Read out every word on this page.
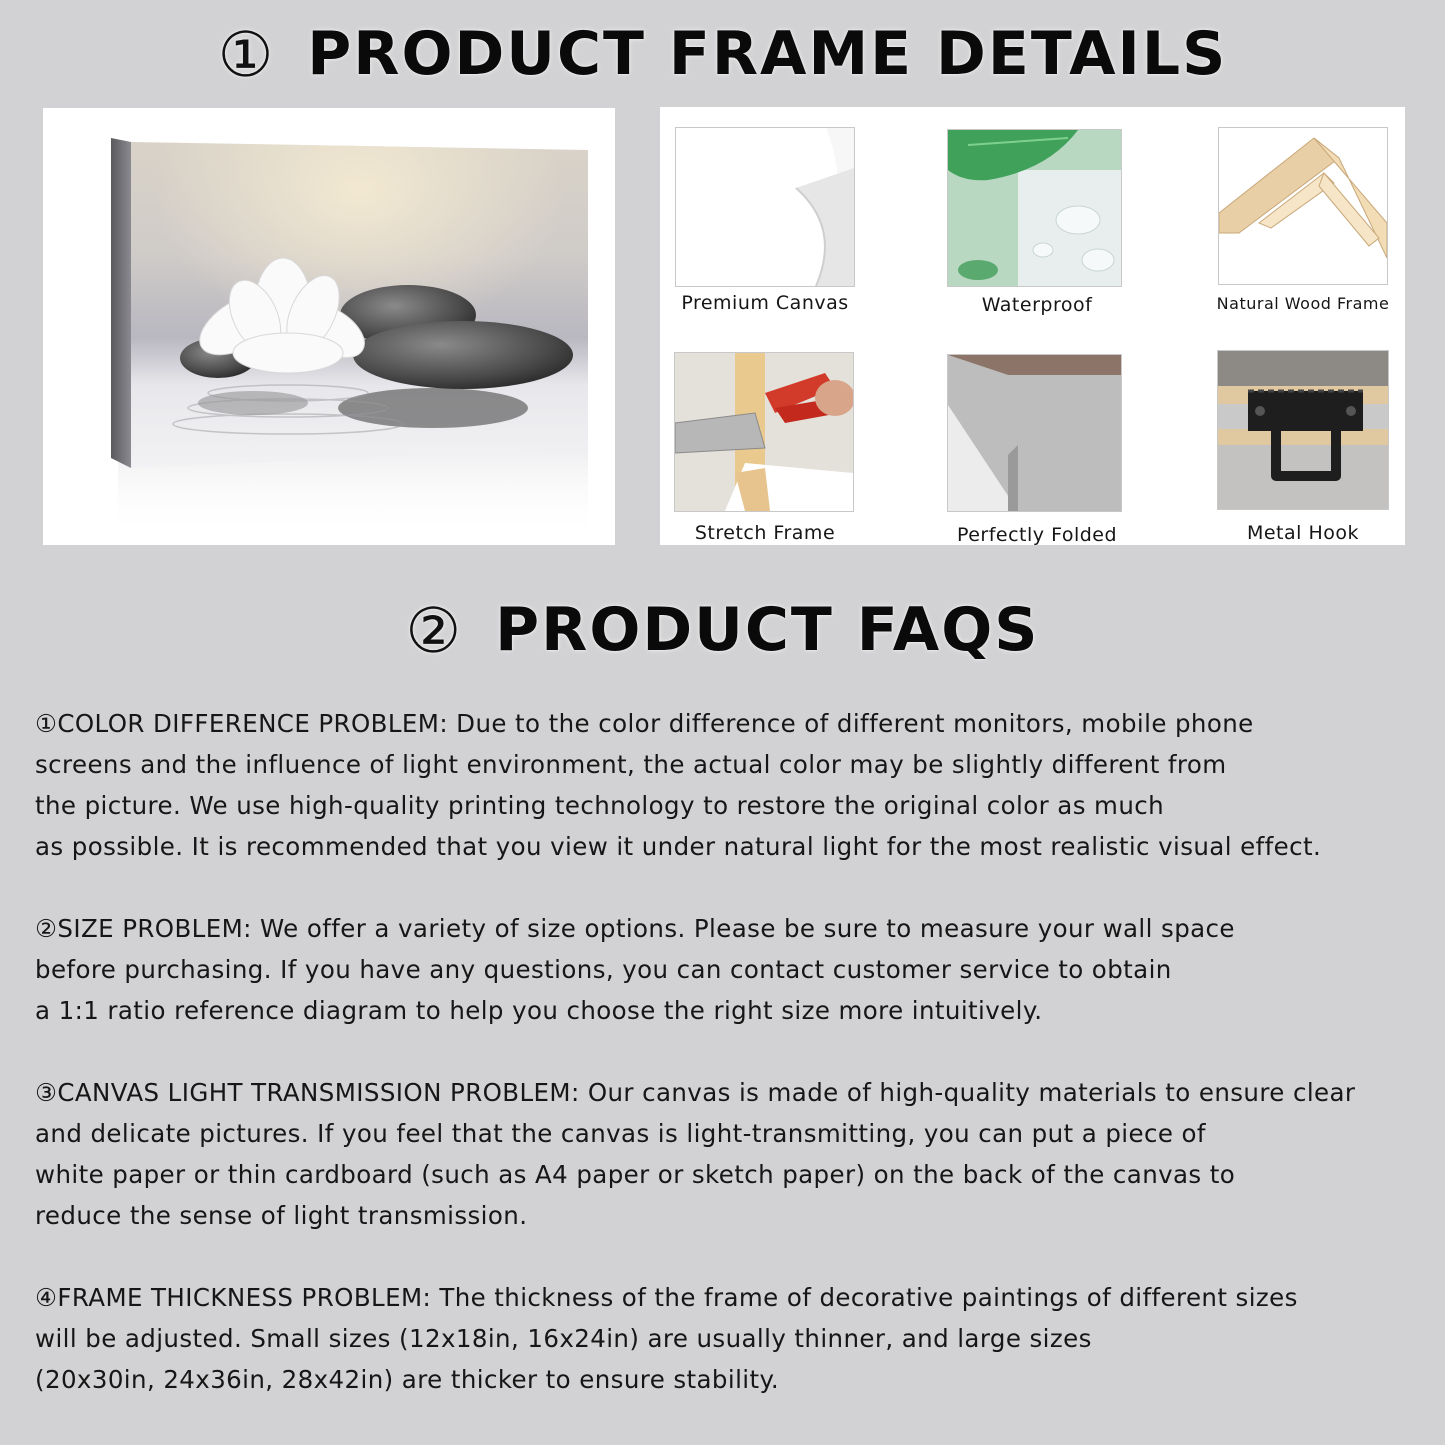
① PRODUCT FRAME DETAILS
Premium Canvas	Waterproof	Natural Wood Frame
Stretch Frame	Perfectly Folded	Metal Hook
② PRODUCT FAQS
①COLOR DIFFERENCE PROBLEM: Due to the color difference of different monitors, mobile phone
screens and the influence of light environment, the actual color may be slightly different from
the picture. We use high-quality printing technology to restore the original color as much
as possible. It is recommended that you view it under natural light for the most realistic visual effect.
②SIZE PROBLEM: We offer a variety of size options. Please be sure to measure your wall space
before purchasing. If you have any questions, you can contact customer service to obtain
a 1:1 ratio reference diagram to help you choose the right size more intuitively.
③CANVAS LIGHT TRANSMISSION PROBLEM: Our canvas is made of high-quality materials to ensure clear
and delicate pictures. If you feel that the canvas is light-transmitting, you can put a piece of
white paper or thin cardboard (such as A4 paper or sketch paper) on the back of the canvas to
reduce the sense of light transmission.
④FRAME THICKNESS PROBLEM: The thickness of the frame of decorative paintings of different sizes
will be adjusted. Small sizes (12x18in, 16x24in) are usually thinner, and large sizes
(20x30in, 24x36in, 28x42in) are thicker to ensure stability.
